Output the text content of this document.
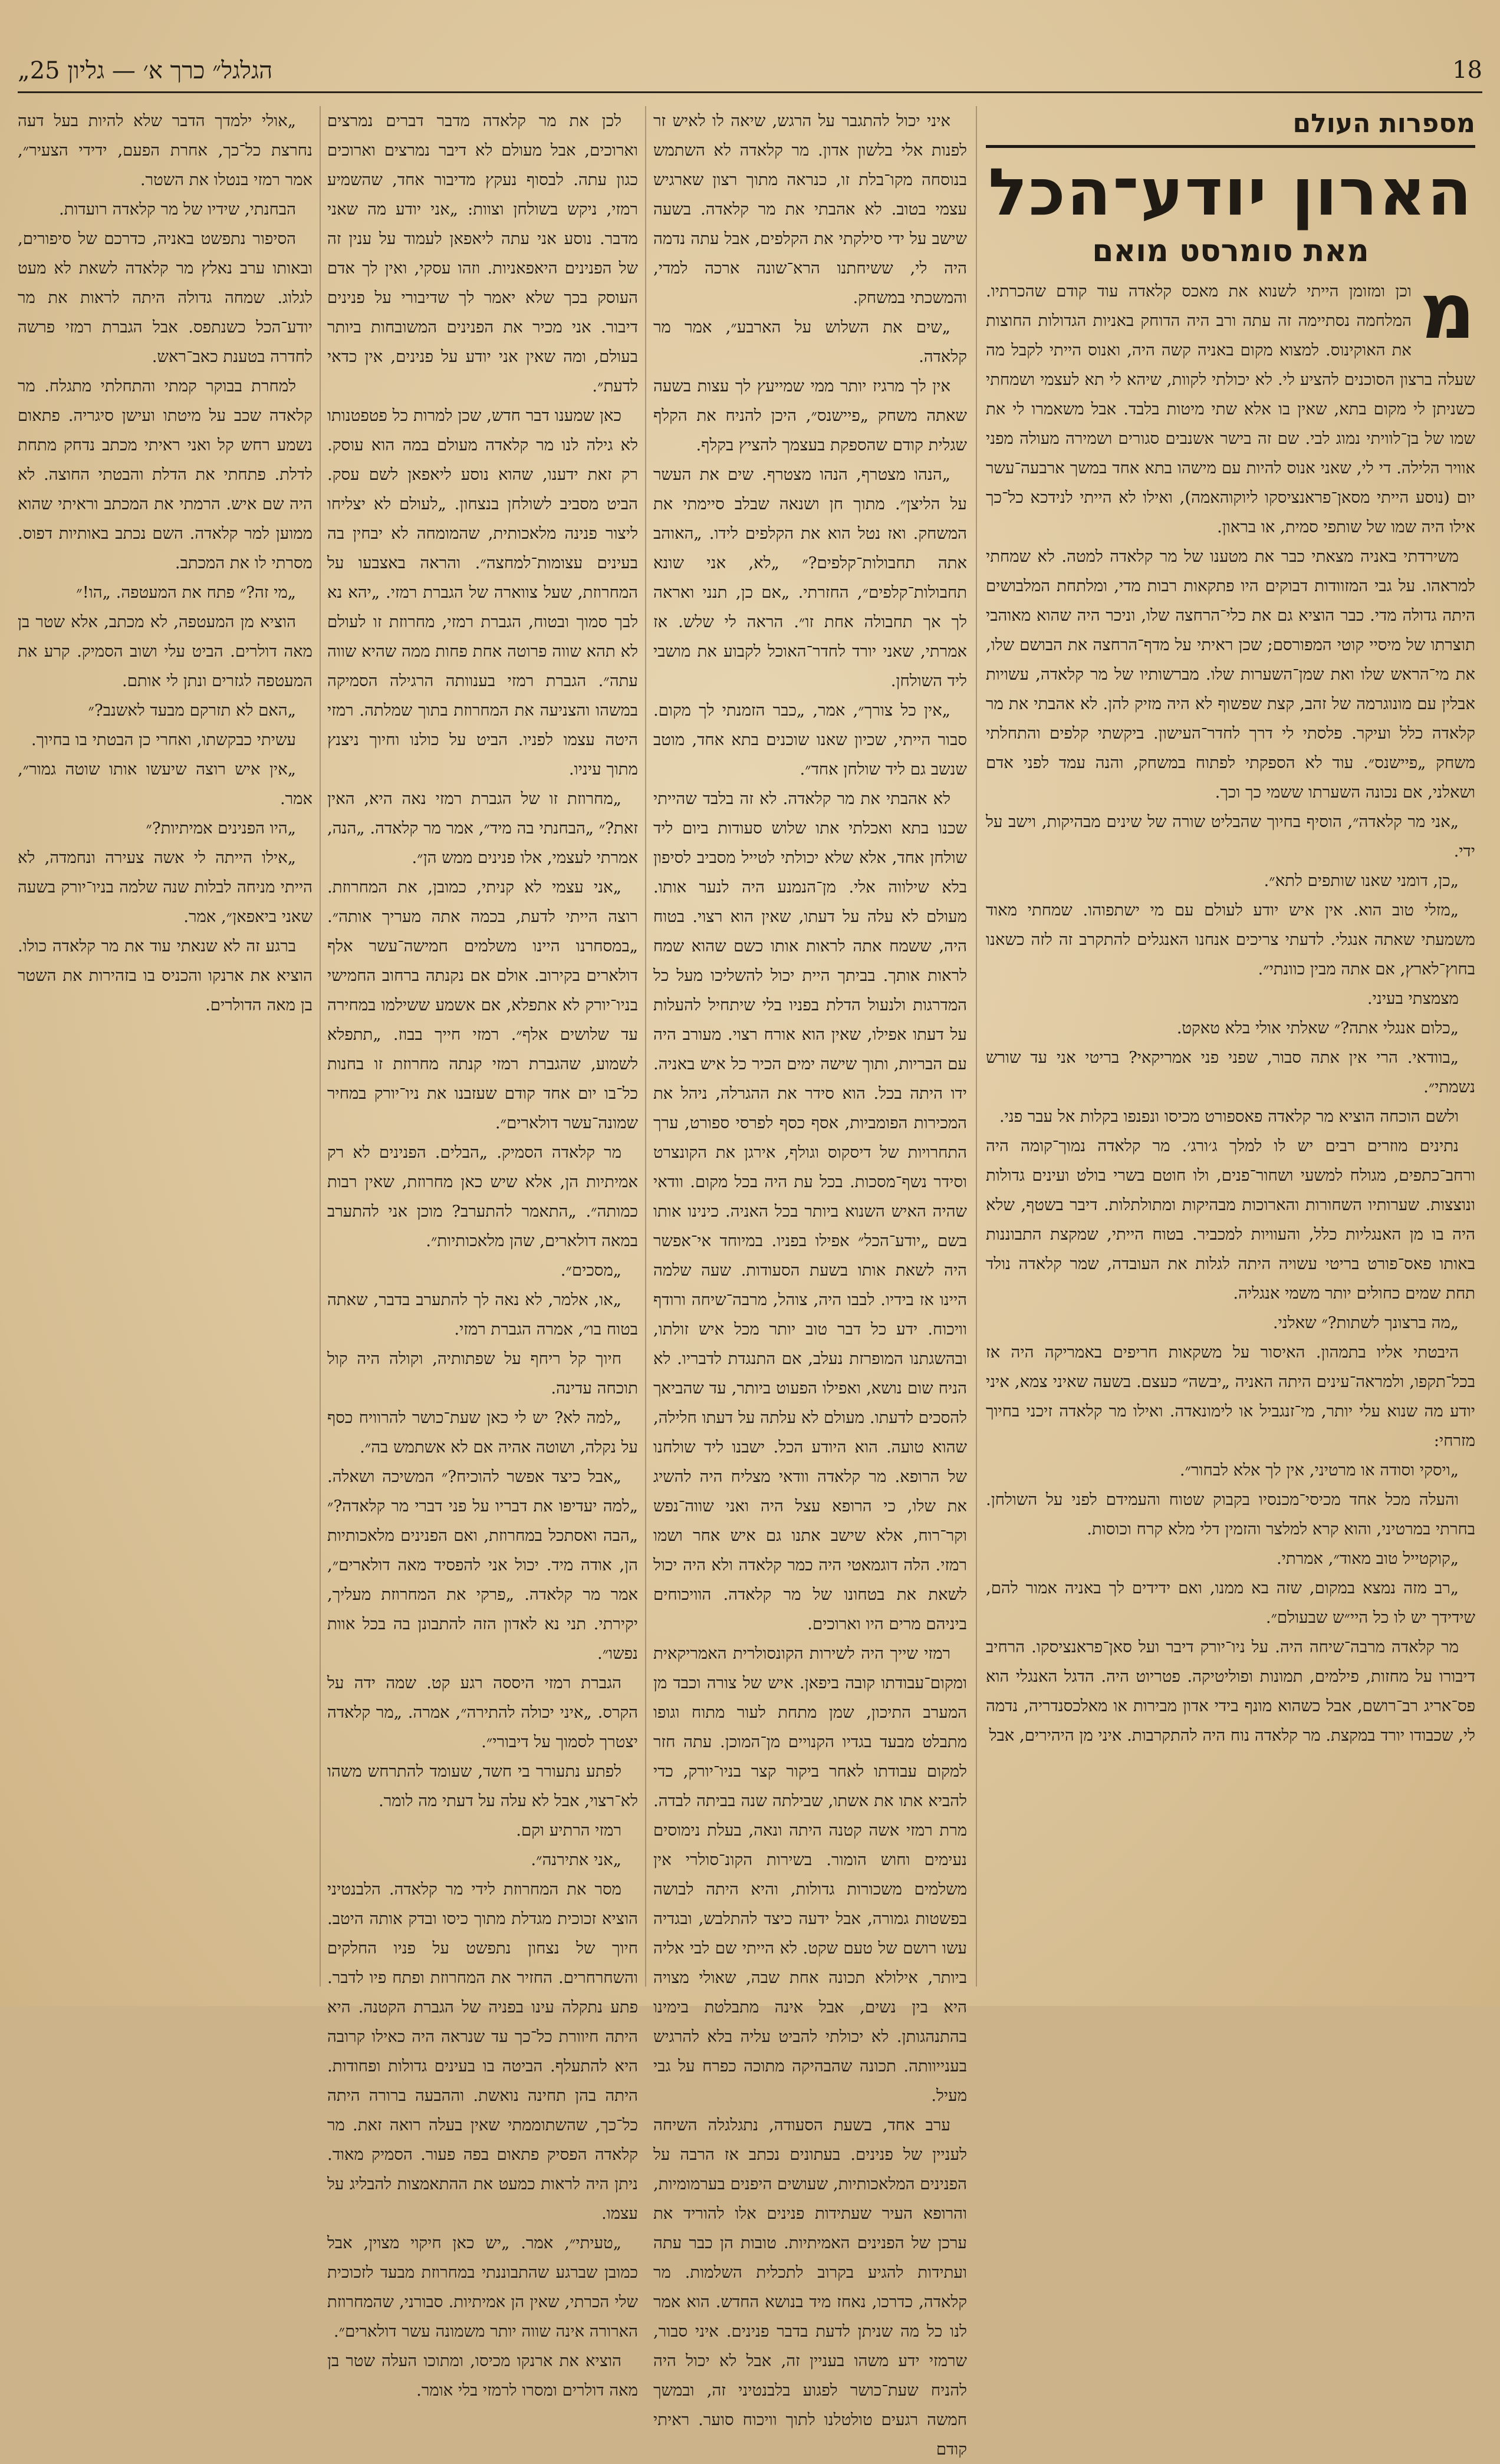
„הגלגל״ כרך א׳ — גליון 25	18
מספרות העולם
הארון יודע־הכל
מאת סומרסט מואם
מ

וכן ומזומן הייתי לשנוא את מאכס קלאדה עוד קודם שהכרתיו. המלחמה נסתיימה זה עתה ורב היה הדוחק באניות הגדולות החוצות את האוקינוס. למצוא מקום באניה קשה היה, ואנוס הייתי לקבל מה שעלה ברצון הסוכנים להציע לי. לא יכולתי לקוות, שיהא לי תא לעצמי ושמחתי כשניתן לי מקום בתא, שאין בו אלא שתי מיטות בלבד. אבל משאמרו לי את שמו של בן־לוויתי נמוג לבי. שם זה בישר אשנבים סגורים ושמירה מעולה מפני אוויר הלילה. די לי, שאני אנוס להיות עם מישהו בתא אחד במשך ארבעה־עשר יום (נוסע הייתי מסאן־פראנציסקו ליוקוהאמה), ואילו לא הייתי לנידכא כל־כך אילו היה שמו של שותפי סמית, או בראון.

משירדתי באניה מצאתי כבר את מטענו של מר קלאדה למטה. לא שמחתי למראהו. על גבי המזוודות דבוקים היו פתקאות רבות מדי, ומלתחת המלבושים היתה גדולה מדי. כבר הוציא גם את כלי־הרחצה שלו, וניכר היה שהוא מאוהבי תוצרתו של מיסיי קוטי המפורסם; שכן ראיתי על מדף־הרחצה את הבושם שלו, את מי־הראש שלו ואת שמן־השערות שלו. מברשותיו של מר קלאדה, עשויות אבלין עם מונוגרמה של זהב, קצת שפשוף לא היה מזיק להן. לא אהבתי את מר קלאדה כלל ועיקר. פלסתי לי דרך לחדר־העישון. ביקשתי קלפים והתחלתי משחק „פיישנס״. עוד לא הספקתי לפתוח במשחק, והנה עמד לפני אדם ושאלני, אם נכונה השערתו ששמי כך וכך.

„אני מר קלאדה״, הוסיף בחיוך שהבליט שורה של שינים מבהיקות, וישב על ידי.

„כן, דומני שאנו שותפים לתא״.

„מזלי טוב הוא. אין איש יודע לעולם עם מי ישתפוהו. שמחתי מאוד משמעתי שאתה אנגלי. לדעתי צריכים אנחנו האנגלים להתקרב זה לזה כשאנו בחוץ־לארץ, אם אתה מבין כוונתי״.

מצמצתי בעיני.

„כלום אנגלי אתה?״ שאלתי אולי בלא טאקט.

„בוודאי. הרי אין אתה סבור, שפני פני אמריקאי? בריטי אני עד שורש נשמתי״.

ולשם הוכחה הוציא מר קלאדה פאספורט מכיסו ונפנפו בקלות אל עבר פני.

נתינים מוזרים רבים יש לו למלך ג׳ורג׳. מר קלאדה נמוך־קומה היה ורחב־כתפים, מגולח למשעי ושחור־פנים, ולו חוטם בשרי בולט ועינים גדולות ונוצצות. שערותיו השחורות והארוכות מבהיקות ומתולתלות. דיבר בשטף, שלא היה בו מן האנגליות כלל, והעוויות למכביר. בטוח הייתי, שמקצת התבוננות באותו פאס־פורט בריטי עשויה היתה לגלות את העובדה, שמר קלאדה נולד תחת שמים כחולים יותר משמי אנגליה.

„מה ברצונך לשתות?״ שאלני.

היבטתי אליו בתמהון. האיסור על משקאות חריפים באמריקה היה אז בכל־תקפו, ולמראה־עינים היתה האניה „יבשה״ כעצם. בשעה שאיני צמא, איני יודע מה שנוא עלי יותר, מי־זנגביל או לימונאדה. ואילו מר קלאדה זיכני בחיוך מזרחי:

„ויסקי וסודה או מרטיני, אין לך אלא לבחור״.

והעלה מכל אחד מכיסי־מכנסיו בקבוק שטוח והעמידם לפני על השולחן. בחרתי במרטיני, והוא קרא למלצר והזמין דלי מלא קרח וכוסות.

„קוקטייל טוב מאוד״, אמרתי.

„רב מזה נמצא במקום, שזה בא ממנו, ואם ידידים לך באניה אמור להם, שידידך יש לו כל היי״ש שבעולם״.

מר קלאדה מרבה־שיחה היה. על ניו־יורק דיבר ועל סאן־פראנציסקו. הרחיב דיבורו על מחזות, פילמים, תמונות ופוליטיקה. פטריוט היה. הדגל האנגלי הוא פס־אריג רב־רושם, אבל כשהוא מונף בידי אדון מבירות או מאלכסנדריה, נדמה לי, שכבודו יורד במקצת. מר קלאדה נוח היה להתקרבות. איני מן היהירים, אבל

איני יכול להתגבר על הרגש, שיאה לו לאיש זר לפנות אלי בלשון אדון. מר קלאדה לא השתמש בנוסחה מקו־בלת זו, כנראה מתוך רצון שארגיש עצמי בטוב. לא אהבתי את מר קלאדה. בשעה שישב על ידי סילקתי את הקלפים, אבל עתה נדמה היה לי, ששיחתנו הרא־שונה ארכה למדי, והמשכתי במשחק.

„שים את השלוש על הארבע״, אמר מר קלאדה.

אין לך מרגיז יותר ממי שמייעץ לך עצות בשעה שאתה משחק „פיישנס״, היכן להניח את הקלף שגלית קודם שהספקת בעצמך להציץ בקלף.

„הנהו מצטרף, הנהו מצטרף. שים את העשר על הליצן״. מתוך חן ושנאה שבלב סיימתי את המשחק. ואז נטל הוא את הקלפים לידו. „האוהב אתה תחבולות־קלפים?״ „לא, אני שונא תחבולות־קלפים״, החזרתי. „אם כן, תנני ואראה לך אך תחבולה אחת זו״. הראה לי שלש. אז אמרתי, שאני יורד לחדר־האוכל לקבוע את מושבי ליד השולחן.

„אין כל צורך״, אמר, „כבר הזמנתי לך מקום. סבור הייתי, שכיון שאנו שוכנים בתא אחד, מוטב שנשב גם ליד שולחן אחד״.

לא אהבתי את מר קלאדה. לא זה בלבד שהייתי שכנו בתא ואכלתי אתו שלוש סעודות ביום ליד שולחן אחד, אלא שלא יכולתי לטייל מסביב לסיפון בלא שילווה אלי. מן־הנמנע היה לנער אותו. מעולם לא עלה על דעתו, שאין הוא רצוי. בטוח היה, ששמח אתה לראות אותו כשם שהוא שמח לראות אותך. בביתך היית יכול להשליכו מעל כל המדרגות ולנעול הדלת בפניו בלי שיתחיל להעלות על דעתו אפילו, שאין הוא אורח רצוי. מעורב היה עם הבריות, ותוך שישה ימים הכיר כל איש באניה. ידו היתה בכל. הוא סידר את ההגרלה, ניהל את המכירות הפומביות, אסף כסף לפרסי ספורט, ערך התחרויות של דיסקוס וגולף, אירגן את הקונצרט וסידר נשף־מסכות. בכל עת היה בכל מקום. וודאי שהיה האיש השנוא ביותר בכל האניה. כינינו אותו בשם „יודע־הכל״ אפילו בפניו. במיוחד אי־אפשר היה לשאת אותו בשעת הסעודות. שעה שלמה היינו אז בידיו. לבבו היה, צוהל, מרבה־שיחה ורודף וויכוח. ידע כל דבר טוב יותר מכל איש זולתו, ובהשגתנו המופרזת נעלב, אם התנגדת לדבריו. לא הניח שום נושא, ואפילו הפעוט ביותר, עד שהביאך להסכים לדעתו. מעולם לא עלתה על דעתו חלילה, שהוא טועה. הוא היודע הכל. ישבנו ליד שולחנו של הרופא. מר קלאדה וודאי מצליח היה להשיג את שלו, כי הרופא עצל היה ואני שווה־נפש וקר־רוח, אלא שישב אתנו גם איש אחר ושמו רמזי. הלה דוגמאטי היה כמר קלאדה ולא היה יכול לשאת את בטחונו של מר קלאדה. הוויכוחים ביניהם מרים היו וארוכים.

רמזי שייך היה לשירות הקונסולרית האמריקאית ומקום־עבודתו קובה ביפאן. איש של צורה וכבד מן המערב התיכון, שמן מתחת לעור מתוח וגופו מתבלט מבעד בגדיו הקנויים מן־המוכן. עתה חזר למקום עבודתו לאחר ביקור קצר בניו־יורק, כדי להביא אתו את אשתו, שבילתה שנה בביתה לבדה. מרת רמזי אשה קטנה היתה ונאה, בעלת נימוסים נעימים וחוש הומור. בשירות הקונ־סולרי אין משלמים משכורות גדולות, והיא היתה לבושה בפשטות גמורה, אבל ידעה כיצד להתלבש, ובגדיה עשו רושם של טעם שקט. לא הייתי שם לבי אליה ביותר, אילולא תכונה אחת שבה, שאולי מצויה היא בין נשים, אבל אינה מתבלטת בימינו בהתנהגותן. לא יכולתי להביט עליה בלא להרגיש בענייוותה. תכונה שהבהיקה מתוכה כפרח על גבי מעיל.

ערב אחד, בשעת הסעודה, נתגלגלה השיחה לעניין של פנינים. בעתונים נכתב אז הרבה על הפנינים המלאכותיות, שעושים היפנים בערמומיות, והרופא העיר שעתידות פנינים אלו להוריד את ערכן של הפנינים האמיתיות. טובות הן כבר עתה ועתידות להגיע בקרוב לתכלית השלמות. מר קלאדה, כדרכו, נאחז מיד בנושא החדש. הוא אמר לנו כל מה שניתן לדעת בדבר פנינים. איני סבור, שרמזי ידע משהו בעניין זה, אבל לא יכול היה להניח שעת־כושר לפגוע בלבנטיני זה, ובמשך חמשה רגעים טולטלנו לתוך וויכוח סוער. ראיתי קודם

לכן את מר קלאדה מדבר דברים נמרצים וארוכים, אבל מעולם לא דיבר נמרצים וארוכים כגון עתה. לבסוף נעקץ מדיבור אחד, שהשמיע רמזי, ניקש בשולחן וצוות: „אני יודע מה שאני מדבר. נוסע אני עתה ליאפאן לעמוד על ענין זה של הפנינים היאפאניות. וזהו עסקי, ואין לך אדם העוסק בכך שלא יאמר לך שדיבורי על פנינים דיבור. אני מכיר את הפנינים המשובחות ביותר בעולם, ומה שאין אני יודע על פנינים, אין כדאי לדעת״.

כאן שמענו דבר חדש, שכן למרות כל פטפטנותו לא גילה לנו מר קלאדה מעולם במה הוא עוסק. רק זאת ידענו, שהוא נוסע ליאפאן לשם עסק. הביט מסביב לשולחן בנצחון. „לעולם לא יצליחו ליצור פנינה מלאכותית, שהמומחה לא יבחין בה בעינים עצומות־למחצה״. והראה באצבעו על המחרוזת, שעל צווארה של הגברת רמזי. „יהא נא לבך סמוך ובטוח, הגברת רמזי, מחרוזת זו לעולם לא תהא שווה פרוטה אחת פחות ממה שהיא שווה עתה״. הגברת רמזי בענוותה הרגילה הסמיקה במשהו והצניעה את המחרוזת בתוך שמלתה. רמזי היטה עצמו לפניו. הביט על כולנו וחיוך ניצנץ מתוך עיניו.

„מחרוזת זו של הגברת רמזי נאה היא, האין זאת?״ „הבחנתי בה מיד״, אמר מר קלאדה. „הנה, אמרתי לעצמי, אלו פנינים ממש הן״.

„אני עצמי לא קניתי, כמובן, את המחרוזת. רוצה הייתי לדעת, בכמה אתה מעריך אותה״. „במסחרנו היינו משלמים חמישה־עשר אלף דולארים בקירוב. אולם אם נקנתה ברחוב החמישי בניו־יורק לא אתפלא, אם אשמע ששילמו במחירה עד שלושים אלף״. רמזי חייך בבוז. „תתפלא לשמוע, שהגברת רמזי קנתה מחרוזת זו בחנות כל־בו יום אחד קודם שעזבנו את ניו־יורק במחיר שמונה־עשר דולארים״.

מר קלאדה הסמיק. „הבלים. הפנינים לא רק אמיתיות הן, אלא שיש כאן מחרוזת, שאין רבות כמותה״. „התאמר להתערב? מוכן אני להתערב במאה דולארים, שהן מלאכותיות״.

„מסכים״.

„או, אלמר, לא נאה לך להתערב בדבר, שאתה בטוח בו״, אמרה הגברת רמזי.

חיוך קל ריחף על שפתותיה, וקולה היה קול תוכחה עדינה.

„למה לא? יש לי כאן שעת־כושר להרוויח כסף על נקלה, ושוטה אהיה אם לא אשתמש בה״.

„אבל כיצד אפשר להוכיח?״ המשיכה ושאלה. „למה יעדיפו את דבריו על פני דברי מר קלאדה?״ „הבה ואסתכל במחרוזת, ואם הפנינים מלאכותיות הן, אודה מיד. יכול אני להפסיד מאה דולארים״, אמר מר קלאדה. „פרקי את המחרוזת מעליך, יקירתי. תני נא לאדון הזה להתבונן בה בכל אוות נפשו״.

הגברת רמזי היססה רגע קט. שמה ידה על הקרס. „איני יכולה להתירה״, אמרה. „מר קלאדה יצטרך לסמוך על דיבורי״.

לפתע נתעורר בי חשד, שעומד להתרחש משהו לא־רצוי, אבל לא עלה על דעתי מה לומר.

רמזי הרתיע וקם.

„אני אתירנה״.

מסר את המחרוזת לידי מר קלאדה. הלבנטיני הוציא זכוכית מגדלת מתוך כיסו ובדק אותה היטב. חיוך של נצחון נתפשט על פניו החלקים והשחרחרים. החזיר את המחרוזת ופתח פיו לדבר. פתע נתקלה עינו בפניה של הגברת הקטנה. היא היתה חיוורת כל־כך עד שנראה היה כאילו קרובה היא להתעלף. הביטה בו בעינים גדולות ופחודות. היתה בהן תחינה נואשת. וההבעה ברורה היתה כל־כך, שהשתוממתי שאין בעלה רואה זאת. מר קלאדה הפסיק פתאום בפה פעור. הסמיק מאוד. ניתן היה לראות כמעט את ההתאמצות להבליג על עצמו.

„טעיתי״, אמר. „יש כאן חיקוי מצוין, אבל כמובן שברגע שהתבוננתי במחרוזת מבעד לזכוכית שלי הכרתי, שאין הן אמיתיות. סבורני, שהמחרוזת הארורה אינה שווה יותר משמונה עשר דולארים״.

הוציא את ארנקו מכיסו, ומתוכו העלה שטר בן מאה דולרים ומסרו לרמזי בלי אומר.

„אולי ילמדך הדבר שלא להיות בעל דעה נחרצת כל־כך, אחרת הפעם, ידידי הצעיר״, אמר רמזי בנטלו את השטר.

הבחנתי, שידיו של מר קלאדה רועדות.

הסיפור נתפשט באניה, כדרכם של סיפורים, ובאותו ערב נאלץ מר קלאדה לשאת לא מעט לגלוג. שמחה גדולה היתה לראות את מר יודע־הכל כשנתפס. אבל הגברת רמזי פרשה לחדרה בטענת כאב־ראש.

למחרת בבוקר קמתי והתחלתי מתגלח. מר קלאדה שכב על מיטתו ועישן סיגריה. פתאום נשמע רחש קל ואני ראיתי מכתב נדחק מתחת לדלת. פתחתי את הדלת והבטתי החוצה. לא היה שם איש. הרמתי את המכתב וראיתי שהוא ממוען למר קלאדה. השם נכתב באותיות דפוס. מסרתי לו את המכתב.

„מי זה?״ פתח את המעטפה. „הו!״

הוציא מן המעטפה, לא מכתב, אלא שטר בן מאה דולרים. הביט עלי ושוב הסמיק. קרע את המעטפה לגזרים ונתן לי אותם.

„האם לא תזרקם מבעד לאשנב?״

עשיתי כבקשתו, ואחרי כן הבטתי בו בחיוך.

„אין איש רוצה שיעשו אותו שוטה גמור״, אמר.

„היו הפנינים אמיתיות?״

„אילו הייתה לי אשה צעירה ונחמדה, לא הייתי מניחה לבלות שנה שלמה בניו־יורק בשעה שאני ביאפאן״, אמר.

ברגע זה לא שנאתי עוד את מר קלאדה כולו. הוציא את ארנקו והכניס בו בזהירות את השטר בן מאה הדולרים.
